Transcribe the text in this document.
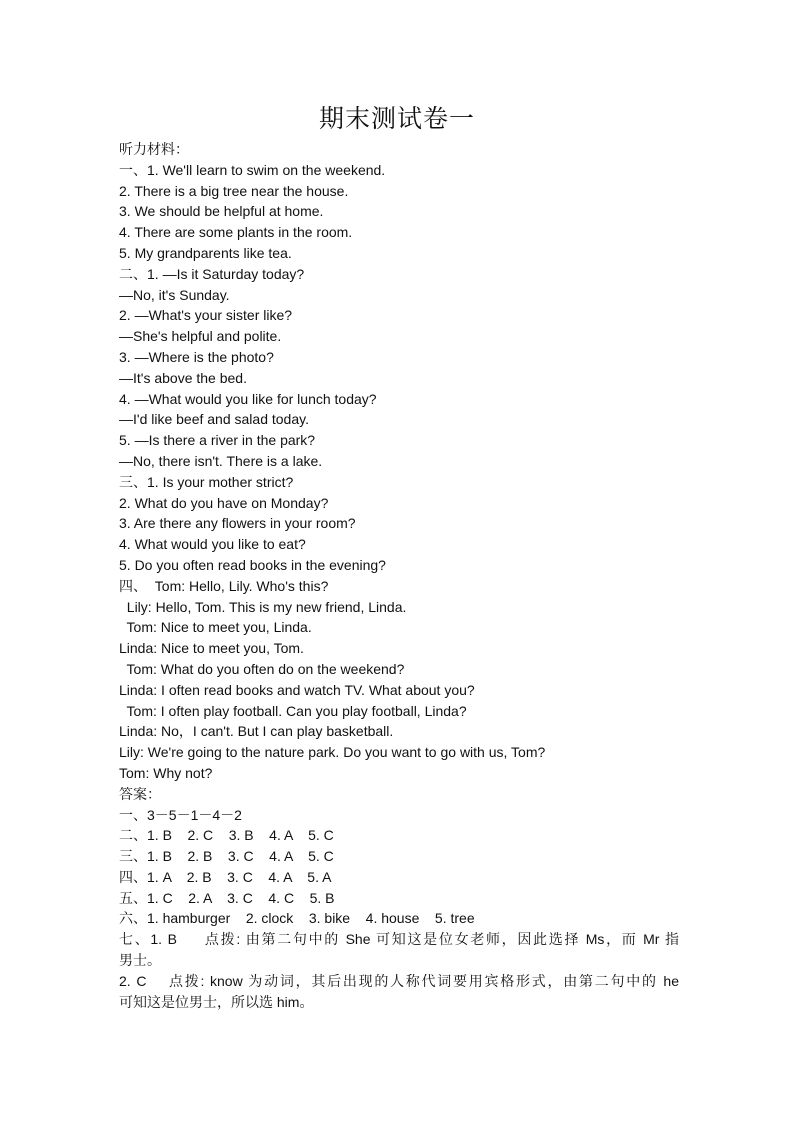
期末测试卷一
听力材料：
一、1. We'll learn to swim on the weekend.
2. There is a big tree near the house.
3. We should be helpful at home.
4. There are some plants in the room.
5. My grandparents like tea.
二、1. —Is it Saturday today?
—No, it's Sunday.
2. —What's your sister like?
—She's helpful and polite.
3. —Where is the photo?
—It's above the bed.
4. —What would you like for lunch today?
—I'd like beef and salad today.
5. —Is there a river in the park?
—No, there isn't. There is a lake.
三、1. Is your mother strict?
2. What do you have on Monday?
3. Are there any flowers in your room?
4. What would you like to eat?
5. Do you often read books in the evening?
四、  Tom: Hello, Lily. Who's this?
Lily: Hello, Tom. This is my new friend, Linda.
Tom: Nice to meet you, Linda.
Linda: Nice to meet you, Tom.
Tom: What do you often do on the weekend?
Linda: I often read books and watch TV. What about you?
Tom: I often play football. Can you play football, Linda?
Linda: No，I can't. But I can play basketball.
Lily: We're going to the nature park. Do you want to go with us, Tom?
Tom: Why not?
答案：
一、3－5－1－4－2
二、1. B    2. C    3. B    4. A    5. C
三、1. B    2. B    3. C    4. A    5. C
四、1. A    2. B    3. C    4. A    5. A
五、1. C    2. A    3. C    4. C    5. B
六、1. hamburger    2. clock    3. bike    4. house    5. tree
七、1. B     点拨: 由第二句中的 She 可知这是位女老师，因此选择 Ms，而 Mr 指
男士。
2. C    点拨: know 为动词，其后出现的人称代词要用宾格形式，由第二句中的 he
可知这是位男士，所以选 him。
